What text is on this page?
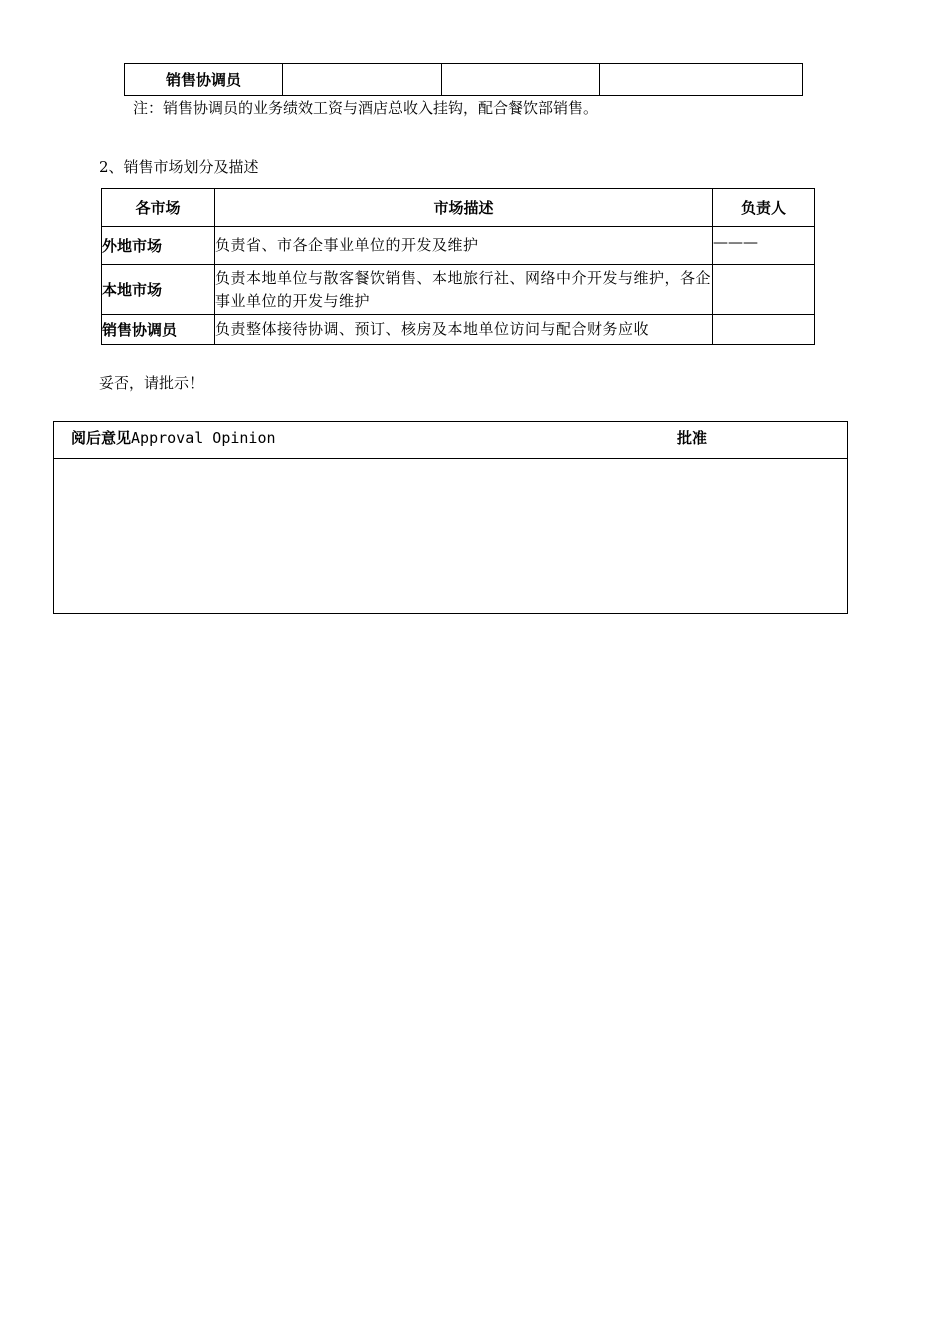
销售协调员			
注：销售协调员的业务绩效工资与酒店总收入挂钩，配合餐饮部销售。
2、销售市场划分及描述
各市场	市场描述	负责人
外地市场	负责省、市各企事业单位的开发及维护	———
本地市场	负责本地单位与散客餐饮销售、本地旅行社、网络中介开发与维护，各企事业单位的开发与维护	
销售协调员	负责整体接待协调、预订、核房及本地单位访问与配合财务应收	
妥否，请批示！
阅后意见Approval Opinion	批准
